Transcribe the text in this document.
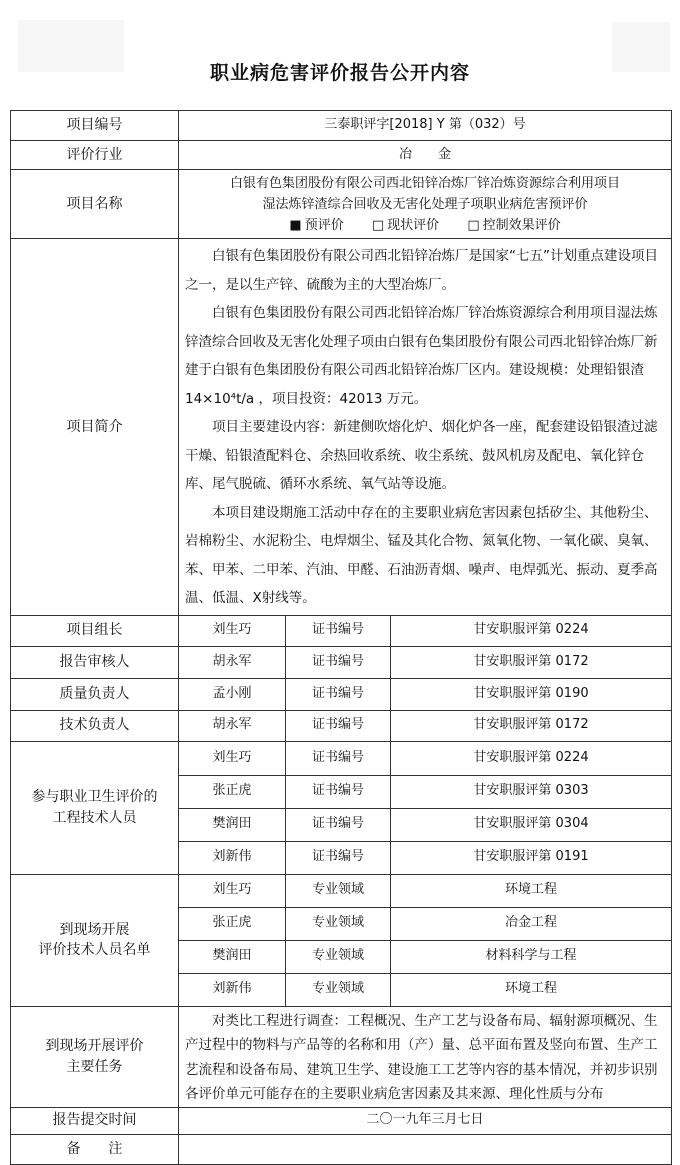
职业病危害评价报告公开内容
项目编号	三泰职评字[2018] Y 第（032）号		
评价行业	冶　　金		
项目名称	白银有色集团股份有限公司西北铅锌冶炼厂锌冶炼资源综合利用项目
湿法炼锌渣综合回收及无害化处理子项职业病危害预评价
■ 预评价 □ 现状评价 □ 控制效果评价		

项目简介	白银有色集团股份有限公司西北铅锌冶炼厂是国家“七五”计划重点建设项目之一，是以生产锌、硫酸为主的大型冶炼厂。

白银有色集团股份有限公司西北铅锌冶炼厂锌冶炼资源综合利用项目湿法炼锌渣综合回收及无害化处理子项由白银有色集团股份有限公司西北铅锌冶炼厂新建于白银有色集团股份有限公司西北铅锌冶炼厂区内。建设规模：处理铅银渣 14×10⁴t/a ，项目投资：42013 万元。

项目主要建设内容：新建侧吹熔化炉、烟化炉各一座，配套建设铅银渣过滤干燥、铅银渣配料仓、余热回收系统、收尘系统、鼓风机房及配电、氧化锌仓库、尾气脱硫、循环水系统、氧气站等设施。

本项目建设期施工活动中存在的主要职业病危害因素包括矽尘、其他粉尘、岩棉粉尘、水泥粉尘、电焊烟尘、锰及其化合物、氮氧化物、一氧化碳、臭氧、苯、甲苯、二甲苯、汽油、甲醛、石油沥青烟、噪声、电焊弧光、振动、夏季高温、低温、X射线等。		

项目组长	刘生巧	证书编号	甘安职服评第 0224
报告审核人	胡永军	证书编号	甘安职服评第 0172
质量负责人	孟小刚	证书编号	甘安职服评第 0190
技术负责人	胡永军	证书编号	甘安职服评第 0172

参与职业卫生评价的
工程技术人员	刘生巧	证书编号	甘安职服评第 0224
	张正虎	证书编号	甘安职服评第 0303
	樊润田	证书编号	甘安职服评第 0304
	刘新伟	证书编号	甘安职服评第 0191

到现场开展
评价技术人员名单	刘生巧	专业领域	环境工程
	张正虎	专业领域	冶金工程
	樊润田	专业领域	材料科学与工程
	刘新伟	专业领域	环境工程

到现场开展评价
主要任务	对类比工程进行调查：工程概况、生产工艺与设备布局、辐射源项概况、生产过程中的物料与产品等的名称和用（产）量、总平面布置及竖向布置、生产工艺流程和设备布局、建筑卫生学、建设施工工艺等内容的基本情况，并初步识别各评价单元可能存在的主要职业病危害因素及其来源、理化性质与分布		

报告提交时间	二〇一九年三月七日		
备　　注			
